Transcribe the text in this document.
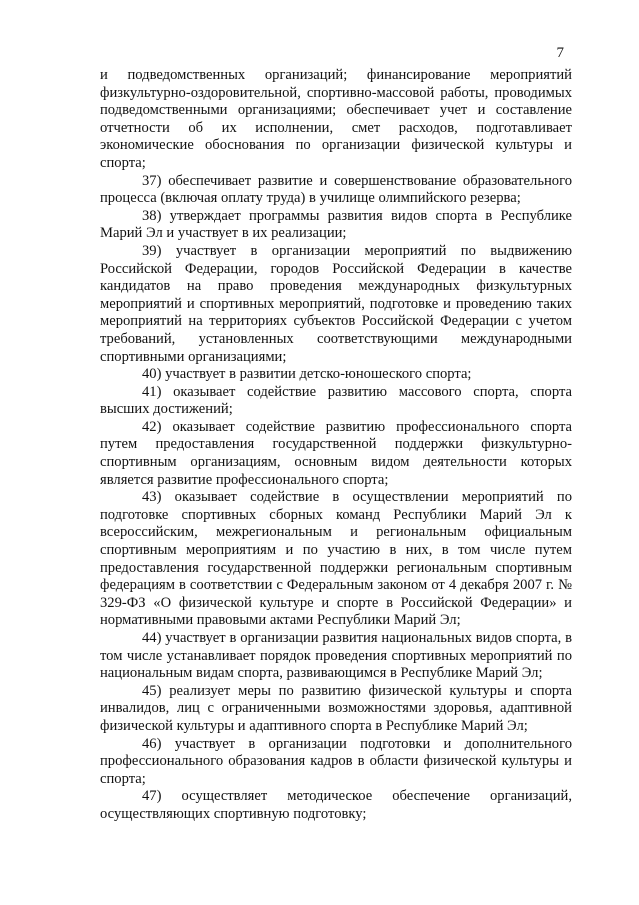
7

и подведомственных организаций; финансирование мероприятий физкультурно-оздоровительной, спортивно-массовой работы, проводимых подведомственными организациями; обеспечивает учет и составление отчетности об их исполнении, смет расходов, подготавливает экономические обоснования по организации физической культуры и спорта;

37) обеспечивает развитие и совершенствование образовательного процесса (включая оплату труда) в училище олимпийского резерва;

38) утверждает программы развития видов спорта в Республике Марий Эл и участвует в их реализации;

39) участвует в организации мероприятий по выдвижению Российской Федерации, городов Российской Федерации в качестве кандидатов на право проведения международных физкультурных мероприятий и спортивных мероприятий, подготовке и проведению таких мероприятий на территориях субъектов Российской Федерации с учетом требований, установленных соответствующими международными спортивными организациями;

40) участвует в развитии детско-юношеского спорта;

41) оказывает содействие развитию массового спорта, спорта высших достижений;

42) оказывает содействие развитию профессионального спорта путем предоставления государственной поддержки физкультурно-спортивным организациям, основным видом деятельности которых является развитие профессионального спорта;

43) оказывает содействие в осуществлении мероприятий по подготовке спортивных сборных команд Республики Марий Эл к всероссийским, межрегиональным и региональным официальным спортивным мероприятиям и по участию в них, в том числе путем предоставления государственной поддержки региональным спортивным федерациям в соответствии с Федеральным законом от 4 декабря 2007 г. № 329-ФЗ «О физической культуре и спорте в Российской Федерации» и нормативными правовыми актами Республики Марий Эл;

44) участвует в организации развития национальных видов спорта, в том числе устанавливает порядок проведения спортивных мероприятий по национальным видам спорта, развивающимся в Республике Марий Эл;

45) реализует меры по развитию физической культуры и спорта инвалидов, лиц с ограниченными возможностями здоровья, адаптивной физической культуры и адаптивного спорта в Республике Марий Эл;

46) участвует в организации подготовки и дополнительного профессионального образования кадров в области физической культуры и спорта;

47) осуществляет методическое обеспечение организаций, осуществляющих спортивную подготовку;
